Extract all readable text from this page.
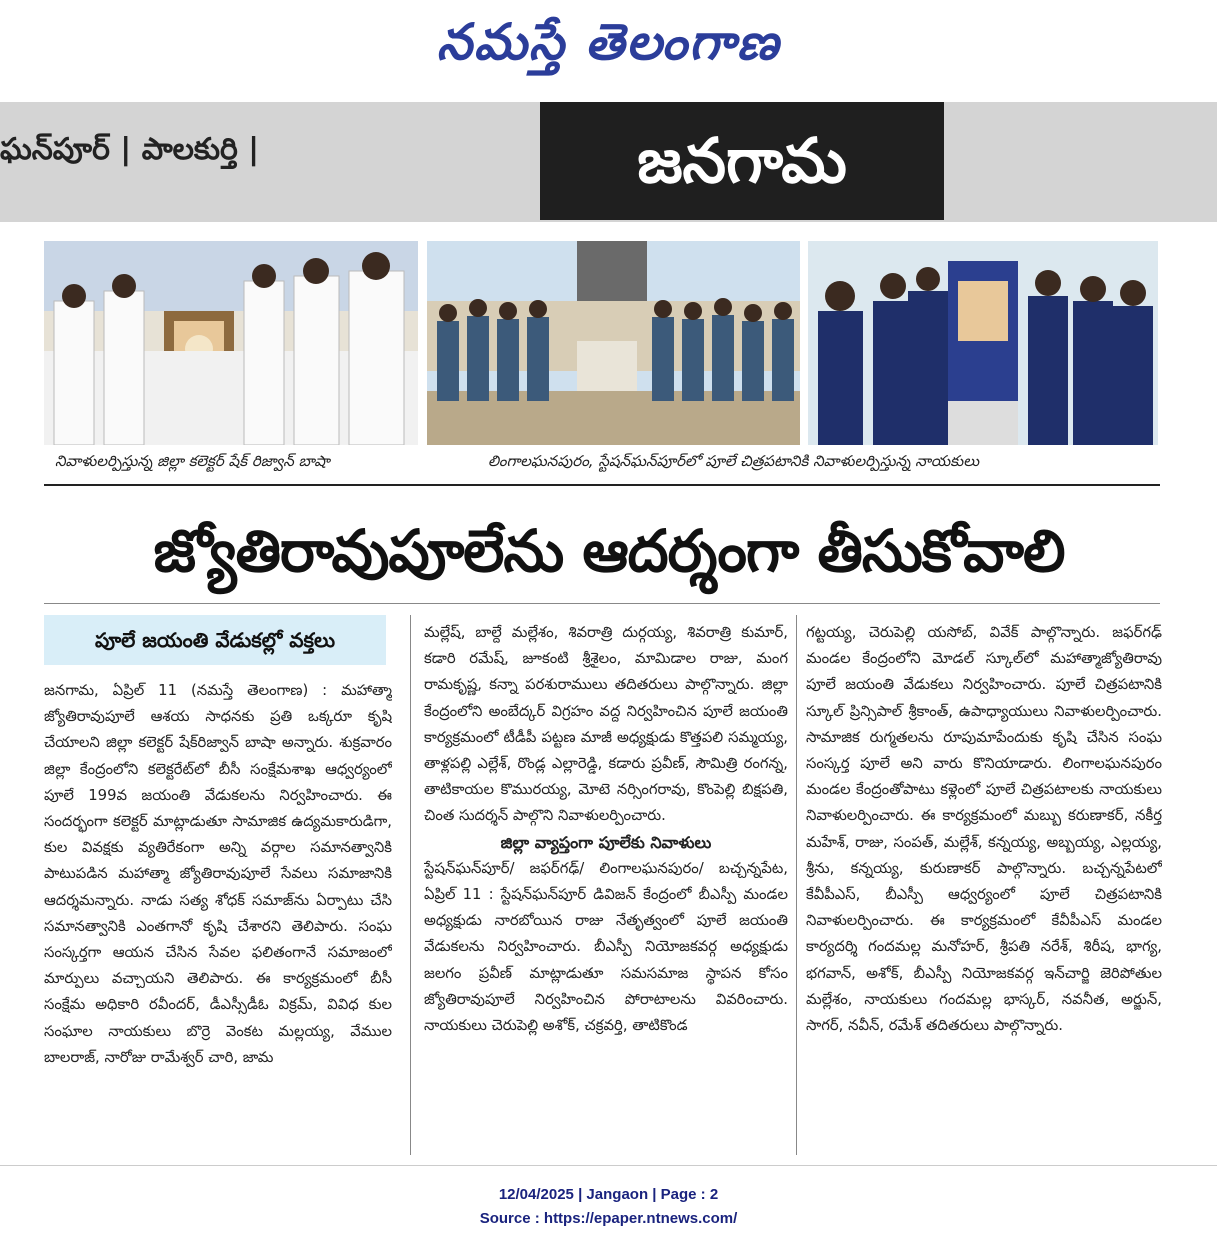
నమస్తే తెలంగాణ
ఘన్‌పూర్ | పాలకుర్తి |	జనగామ
నివాళులర్పిస్తున్న జిల్లా కలెక్టర్ షేక్ రిజ్వాన్ బాషా	లింగాలఘనపురం, స్టేషన్‌ఘన్‌పూర్‌లో పూలే చిత్రపటానికి నివాళులర్పిస్తున్న నాయకులు
జ్యోతిరావుపూలేను ఆదర్శంగా తీసుకోవాలి
పూలే జయంతి వేడుకల్లో వక్తలు

జనగామ, ఏప్రిల్ 11 (నమస్తే తెలంగాణ) : మహాత్మా జ్యోతిరావుపూలే ఆశయ సాధనకు ప్రతి ఒక్కరూ కృషి చేయాలని జిల్లా కలెక్టర్ షేక్‌రిజ్వాన్ బాషా అన్నారు. శుక్రవారం జిల్లా కేంద్రంలోని కలెక్టరేట్‌లో బీసీ సంక్షేమశాఖ ఆధ్వర్యంలో పూలే 199వ జయంతి వేడుకలను నిర్వహించారు. ఈ సందర్భంగా కలెక్టర్ మాట్లాడుతూ సామాజిక ఉద్యమకారుడిగా, కుల వివక్షకు వ్యతిరేకంగా అన్ని వర్గాల సమానత్వానికి పాటుపడిన మహాత్మా జ్యోతిరావుపూలే సేవలు సమాజానికి ఆదర్శమన్నారు. నాడు సత్య శోధక్ సమాజ్‌ను ఏర్పాటు చేసి సమానత్వానికి ఎంతగానో కృషి చేశారని తెలిపారు. సంఘ సంస్కర్తగా ఆయన చేసిన సేవల ఫలితంగానే సమాజంలో మార్పులు వచ్చాయని తెలిపారు. ఈ కార్యక్రమంలో బీసీ సంక్షేమ అధికారి రవీందర్, డీఎస్సీడీఓ విక్రమ్, వివిధ కుల సంఘాల నాయకులు బొర్రె వెంకట మల్లయ్య, వేముల బాలరాజ్, నారోజు రామేశ్వర్ చారి, జామ

మల్లేష్, బాల్దే మల్లేశం, శివరాత్రి దుర్గయ్య, శివరాత్రి కుమార్, కడారి రమేష్, జూకంటి శ్రీశైలం, మామిడాల రాజు, మంగ రామకృష్ణ, కన్నా పరశురాములు తదితరులు పాల్గొన్నారు. జిల్లా కేంద్రంలోని అంబేద్కర్ విగ్రహం వద్ద నిర్వహించిన పూలే జయంతి కార్యక్రమంలో టీడీపీ పట్టణ మాజీ అధ్యక్షుడు కొత్తపలి సమ్మయ్య, తాళ్లపల్లి ఎల్లేశ్, రొండ్ల ఎల్లారెడ్డి, కడారు ప్రవీణ్, సౌమిత్రి రంగన్న, తాటికాయల కొమురయ్య, మోటె నర్సింగరావు, కొంపెల్లి బిక్షపతి, చింత సుదర్శన్ పాల్గొని నివాళులర్పించారు.

జిల్లా వ్యాప్తంగా పూలేకు నివాళులు

స్టేషన్‌ఘన్‌పూర్/ జఫర్‌గఢ్/ లింగాలఘనపురం/ బచ్చన్నపేట, ఏప్రిల్ 11 : స్టేషన్‌ఘన్‌పూర్ డివిజన్ కేంద్రంలో బీఎస్పీ మండల అధ్యక్షుడు నారబోయిన రాజు నేతృత్వంలో పూలే జయంతి వేడుకలను నిర్వహించారు. బీఎస్పీ నియోజకవర్గ అధ్యక్షుడు జలగం ప్రవీణ్ మాట్లాడుతూ సమసమాజ స్థాపన కోసం జ్యోతిరావుపూలే నిర్వహించిన పోరాటాలను వివరించారు. నాయకులు చెరుపెల్లి అశోక్, చక్రవర్తి, తాటికొండ

గట్టయ్య, చెరుపెల్లి యసోబ్, వివేక్ పాల్గొన్నారు. జఫర్‌గఢ్ మండల కేంద్రంలోని మోడల్ స్కూల్‌లో మహాత్మాజ్యోతిరావు పూలే జయంతి వేడుకలు నిర్వహించారు. పూలే చిత్రపటానికి స్కూల్ ప్రిన్సిపాల్ శ్రీకాంత్, ఉపాధ్యాయులు నివాళులర్పించారు. సామాజిక రుగ్మతలను రూపుమాపేందుకు కృషి చేసిన సంఘ సంస్కర్త పూలే అని వారు కొనియాడారు. లింగాలఘనపురం మండల కేంద్రంతోపాటు కళ్లెంలో పూలే చిత్రపటాలకు నాయకులు నివాళులర్పించారు. ఈ కార్యక్రమంలో మబ్బు కరుణాకర్, నకీర్త మహేశ్, రాజు, సంపత్, మల్లేశ్, కన్నయ్య, అబ్బయ్య, ఎల్లయ్య, శ్రీను, కన్నయ్య, కురుణాకర్ పాల్గొన్నారు. బచ్చన్నపేటలో కేవీపీఎస్, బీఎస్పీ ఆధ్వర్యంలో పూలే చిత్రపటానికి నివాళులర్పించారు. ఈ కార్యక్రమంలో కేవీపీఎస్ మండల కార్యదర్శి గందమల్ల మనోహర్, శ్రీపతి నరేశ్, శిరీష, భాగ్య, భగవాన్, అశోక్, బీఎస్పీ నియోజకవర్గ ఇన్‌చార్జి జెరిపోతుల మల్లేశం, నాయకులు గందమల్ల భాస్కర్, నవనీత, అర్జున్, సాగర్, నవీన్, రమేశ్ తదితరులు పాల్గొన్నారు.

12/04/2025 | Jangaon | Page : 2
Source : https://epaper.ntnews.com/
